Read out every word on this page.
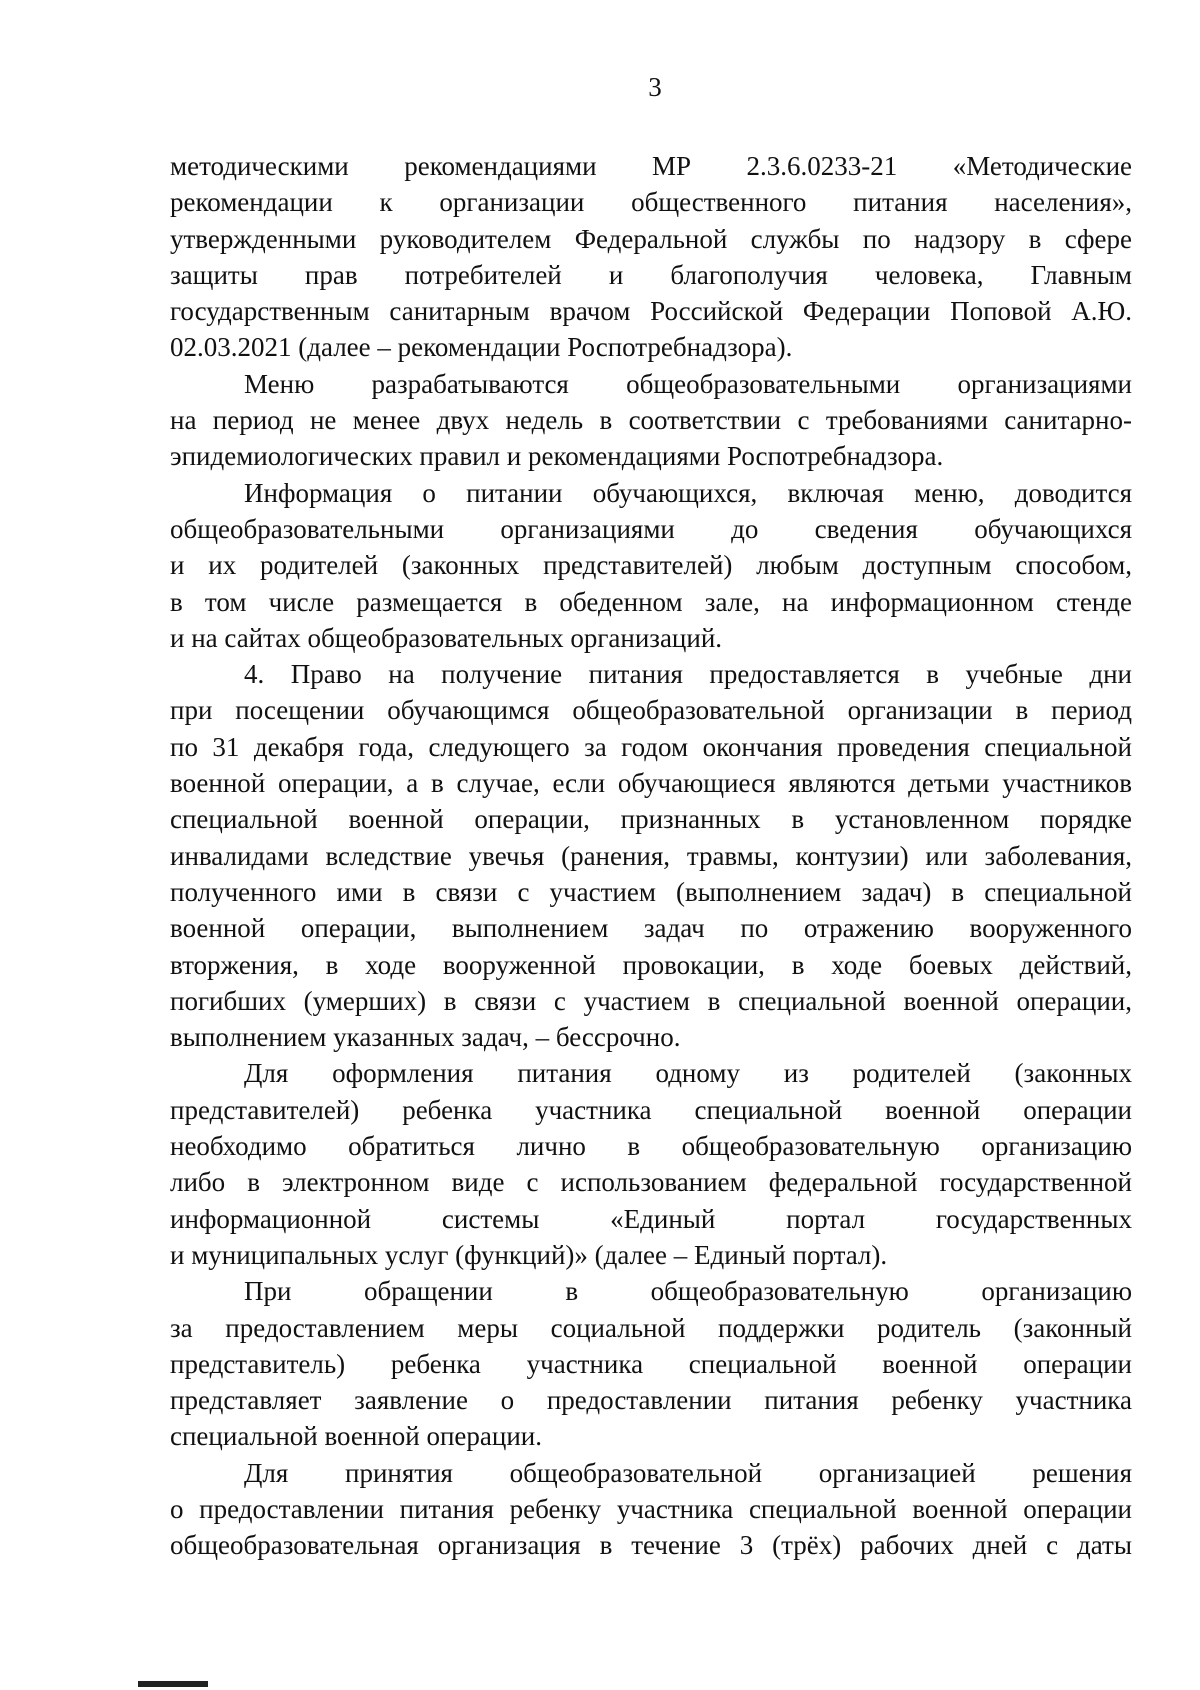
3
методическими рекомендациями МР 2.3.6.0233-21 «Методические
рекомендации к организации общественного питания населения»,
утвержденными руководителем Федеральной службы по надзору в сфере
защиты прав потребителей и благополучия человека, Главным
государственным санитарным врачом Российской Федерации Поповой А.Ю.
02.03.2021 (далее – рекомендации Роспотребнадзора).
Меню разрабатываются общеобразовательными организациями
на период не менее двух недель в соответствии с требованиями санитарно-
эпидемиологических правил и рекомендациями Роспотребнадзора.
Информация о питании обучающихся, включая меню, доводится
общеобразовательными организациями до сведения обучающихся
и их родителей (законных представителей) любым доступным способом,
в том числе размещается в обеденном зале, на информационном стенде
и на сайтах общеобразовательных организаций.
4. Право на получение питания предоставляется в учебные дни
при посещении обучающимся общеобразовательной организации в период
по 31 декабря года, следующего за годом окончания проведения специальной
военной операции, а в случае, если обучающиеся являются детьми участников
специальной военной операции, признанных в установленном порядке
инвалидами вследствие увечья (ранения, травмы, контузии) или заболевания,
полученного ими в связи с участием (выполнением задач) в специальной
военной операции, выполнением задач по отражению вооруженного
вторжения, в ходе вооруженной провокации, в ходе боевых действий,
погибших (умерших) в связи с участием в специальной военной операции,
выполнением указанных задач, – бессрочно.
Для оформления питания одному из родителей (законных
представителей) ребенка участника специальной военной операции
необходимо обратиться лично в общеобразовательную организацию
либо в электронном виде с использованием федеральной государственной
информационной системы «Единый портал государственных
и муниципальных услуг (функций)» (далее – Единый портал).
При обращении в общеобразовательную организацию
за предоставлением меры социальной поддержки родитель (законный
представитель) ребенка участника специальной военной операции
представляет заявление о предоставлении питания ребенку участника
специальной военной операции.
Для принятия общеобразовательной организацией решения
о предоставлении питания ребенку участника специальной военной операции
общеобразовательная организация в течение 3 (трёх) рабочих дней с даты
